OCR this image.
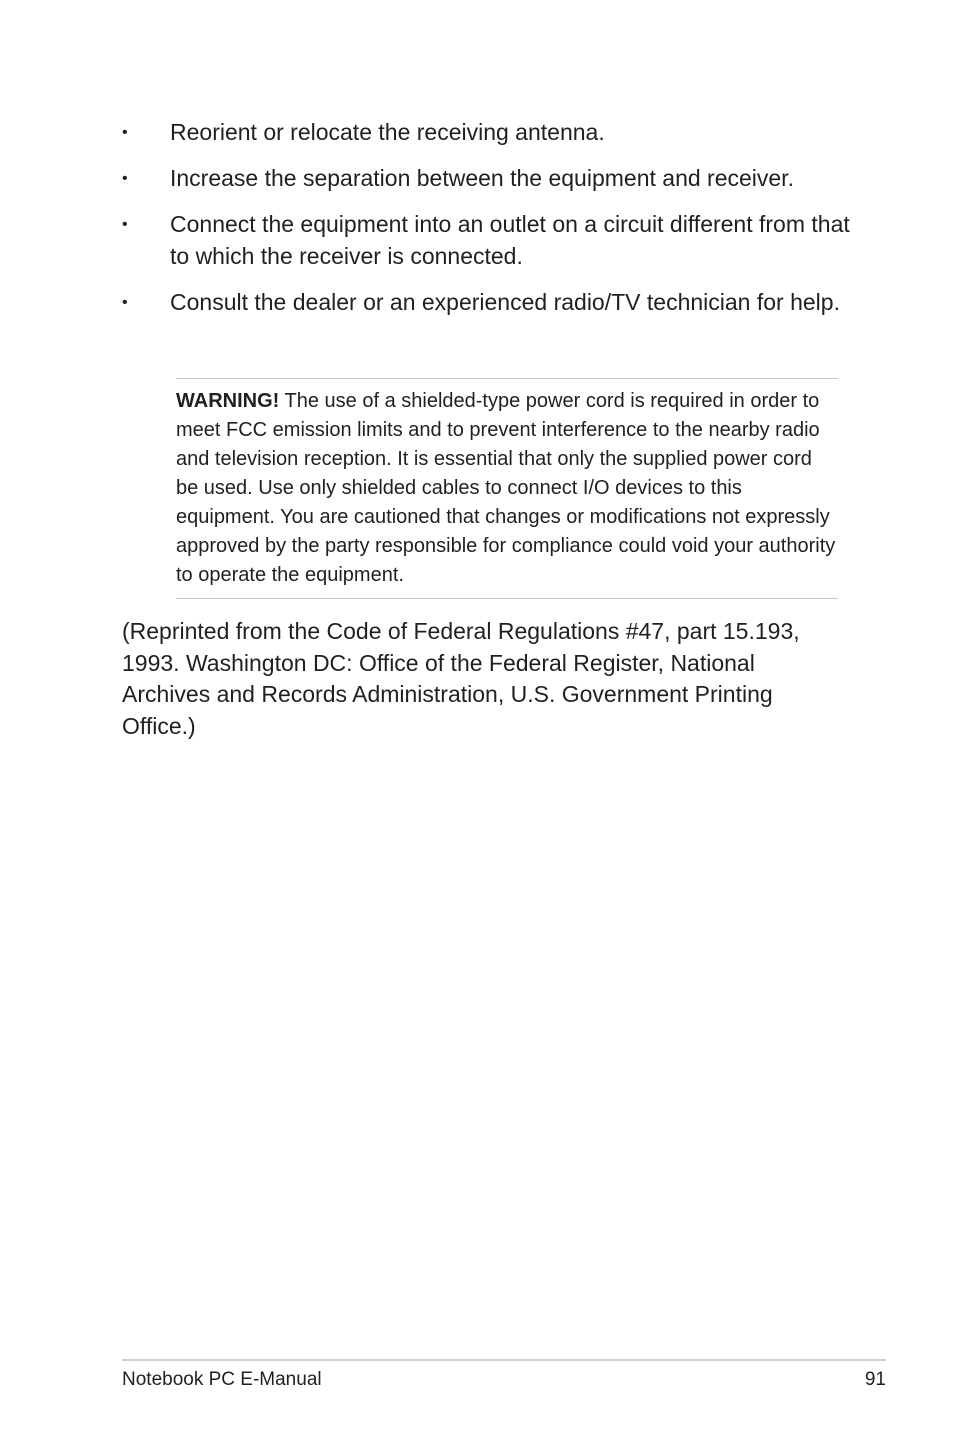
• Reorient or relocate the receiving antenna.
• Increase the separation between the equipment and receiver.
• Connect the equipment into an outlet on a circuit different from that to which the receiver is connected.
• Consult the dealer or an experienced radio/TV technician for help.

WARNING! The use of a shielded-type power cord is required in order to meet FCC emission limits and to prevent interference to the nearby radio and television reception. It is essential that only the supplied power cord be used. Use only shielded cables to connect I/O devices to this equipment. You are cautioned that changes or modifications not expressly approved by the party responsible for compliance could void your authority to operate the equipment.

(Reprinted from the Code of Federal Regulations #47, part 15.193, 1993. Washington DC: Office of the Federal Register, National Archives and Records Administration, U.S. Government Printing Office.)

Notebook PC E-Manual	91
